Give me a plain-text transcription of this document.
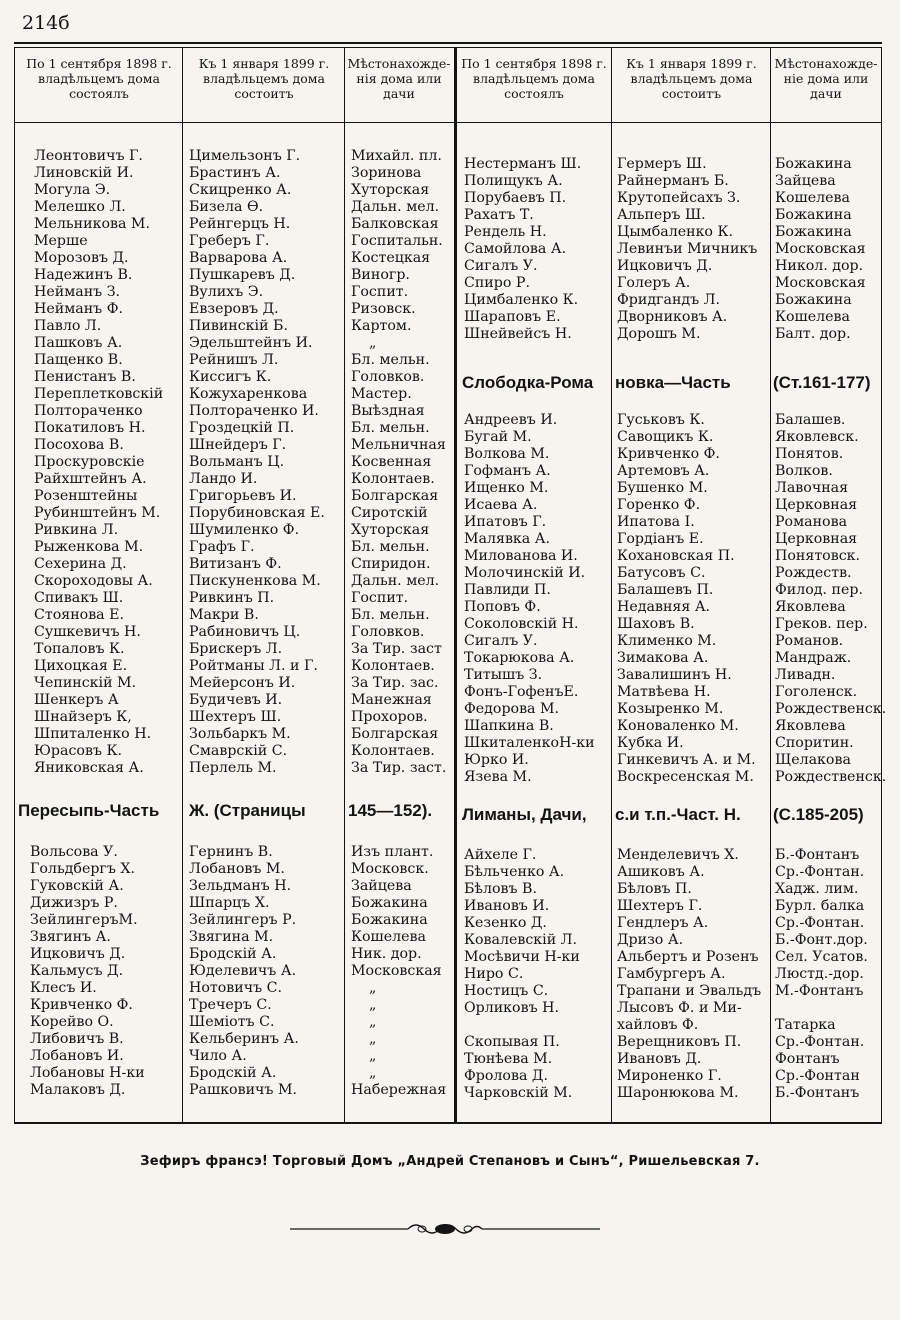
214б
По 1 сентября 1898 г. владѣльцемъ дома состоялъ
Къ 1 января 1899 г. владѣльцемъ дома состоитъ
Мѣстонахожде-нія дома или дачи
По 1 сентября 1898 г. владѣльцемъ дома состоялъ
Къ 1 января 1899 г. владѣльцемъ дома состоитъ
Мѣстонахожде-ніе дома или дачи
Леонтовичъ Г.
Линовскій И.
Могула Э.
Мелешко Л.
Мельникова М.
Мерше
Морозовъ Д.
Надежинъ В.
Нейманъ З.
Нейманъ Ф.
Павло Л.
Пашковъ А.
Пащенко В.
Пенистанъ В.
Переплетковскій
Полтораченко
Покатиловъ Н.
Посохова В.
Проскуровскіе
Райхштейнъ А.
Розенштейны
Рубинштейнъ М.
Ривкина Л.
Рыженкова М.
Сехерина Д.
Скороходовы А.
Спивакъ Ш.
Стоянова Е.
Сушкевичъ Н.
Топаловъ К.
Цихоцкая Е.
Чепинскій М.
Шенкеръ А
Шнайзеръ К,
Шпиталенко Н.
Юрасовъ К.
Яниковская А.
Цимельзонъ Г.
Брастинъ А.
Скицренко А.
Бизела Ѳ.
Рейнгерцъ Н.
Греберъ Г.
Варварова А.
Пушкаревъ Д.
Вулихъ Э.
Евзеровъ Д.
Пивинскій Б.
Эдельштейнъ И.
Рейнишъ Л.
Киссигъ К.
Кожухаренкова
Полтораченко И.
Гроздецкій П.
Шнейдеръ Г.
Вольманъ Ц.
Ландо И.
Григорьевъ И.
Порубиновская Е.
Шумиленко Ф.
Графъ Г.
Витизанъ Ф.
Пискуненкова М.
Ривкинъ П.
Макри В.
Рабиновичъ Ц.
Брискеръ Л.
Ройтманы Л. и Г.
Мейерсонъ И.
Будичевъ И.
Шехтеръ Ш.
Зольбаркъ М.
Смаврскій С.
Перлель М.
Михайл. пл.
Зоринова
Хуторская
Дальн. мел.
Балковская
Госпитальн.
Костецкая
Виногр.
Госпит.
Ризовск.
Картом.
„
Бл. мельн.
Головков.
Мастер.
Выѣздная
Бл. мельн.
Мельничная
Косвенная
Колонтаев.
Болгарская
Сиротскій
Хуторская
Бл. мельн.
Спиридон.
Дальн. мел.
Госпит.
Бл. мельн.
Головков.
За Тир. заст
Колонтаев.
За Тир. зас.
Манежная
Прохоров.
Болгарская
Колонтаев.
За Тир. заст.
Пересыпь-Часть Ж. (Страницы 145—152).
Вольсова У.
Гольдбергъ Х.
Гуковскій А.
Дижизръ Р.
ЗейлингеръМ.
Звягинъ А.
Ицковичъ Д.
Кальмусъ Д.
Клесъ И.
Кривченко Ф.
Корейво О.
Либовичъ В.
Лобановъ И.
Лобановы Н-ки
Малаковъ Д.
Гернинъ В.
Лобановъ М.
Зельдманъ Н.
Шпарцъ Х.
Зейлингеръ Р.
Звягина М.
Бродскій А.
Юделевичъ А.
Нотовичъ С.
Тречеръ С.
Шеміотъ С.
Кельберинъ А.
Чило А.
Бродскій А.
Рашковичъ М.
Изъ плант.
Московск.
Зайцева
Божакина
Божакина
Кошелева
Ник. дор.
Московская
„
„
„
„
„
„
Набережная
Нестерманъ Ш.
Полищукъ А.
Порубаевъ П.
Рахатъ Т.
Рендель Н.
Самойлова А.
Сигалъ У.
Спиро Р.
Цимбаленко К.
Шараповъ Е.
Шнейвейсъ Н.
Гермеръ Ш.
Райнерманъ Б.
Крутопейсахъ З.
Альперъ Ш.
Цымбаленко К.
Левинъи Мичникъ
Ицковичъ Д.
Голеръ А.
Фридгандъ Л.
Дворниковъ А.
Дорошъ М.
Божакина
Зайцева
Кошелева
Божакина
Божакина
Московская
Никол. дор.
Московская
Божакина
Кошелева
Балт. дор.
Слободка-Рома новка—Часть (Ст.161-177)
Андреевъ И.
Бугай М.
Волкова М.
Гофманъ А.
Ищенко М.
Исаева А.
Ипатовъ Г.
Малявка А.
Милованова И.
Молочинскій И.
Павлиди П.
Поповъ Ф.
Соколовскій Н.
Сигалъ У.
Токарюкова А.
Титышъ З.
Фонъ-ГофенъЕ.
Федорова М.
Шапкина В.
ШкиталенкоН-ки
Юрко И.
Язева М.
Гуськовъ К.
Савощикъ К.
Кривченко Ф.
Артемовъ А.
Бушенко М.
Горенко Ф.
Ипатова І.
Гордіанъ Е.
Кохановская П.
Батусовъ С.
Балашевъ П.
Недавняя А.
Шаховъ В.
Клименко М.
Зимакова А.
Завалишинъ Н.
Матвѣева Н.
Козыренко М.
Коноваленко М.
Кубка И.
Гинкевичъ А. и М.
Воскресенская М.
Балашев.
Яковлевск.
Понятов.
Волков.
Лавочная
Церковная
Романова
Церковная
Понятовск.
Рождеств.
Филод. пер.
Яковлева
Греков. пер.
Романов.
Мандраж.
Ливадн.
Гоголенск.
Рождественск.
Яковлева
Споритин.
Щелакова
Рождественск.
Лиманы, Дачи, с.и т.п.-Част. Н. (С.185-205)
Айхеле Г.
Бѣльченко А.
Бѣловъ В.
Ивановъ И.
Кезенко Д.
Ковалевскій Л.
Мосѣвичи Н-ки
Ниро С.
Ностицъ С.
Орликовъ Н.
Скопывая П.
Тюнѣева М.
Фролова Д.
Чарковскій М.
Менделевичъ Х.
Ашиковъ А.
Бѣловъ П.
Шехтеръ Г.
Гендлеръ А.
Дризо А.
Альбертъ и Розенъ
Гамбургеръ А.
Трапани и Эвальдъ
Лысовъ Ф. и Ми-
хайловъ Ф.
Верещниковъ П.
Ивановъ Д.
Мироненко Г.
Шаронюкова М.
Б.-Фонтанъ
Ср.-Фонтан.
Хадж. лим.
Бурл. балка
Ср.-Фонтан.
Б.-Фонт.дор.
Сел. Усатов.
Люстд.-дор.
М.-Фонтанъ
Татарка
Ср.-Фонтан.
Фонтанъ
Ср.-Фонтан
Б.-Фонтанъ
Зефиръ франсэ! Торговый Домъ „Андрей Степановъ и Сынъ“, Ришельевская 7.
